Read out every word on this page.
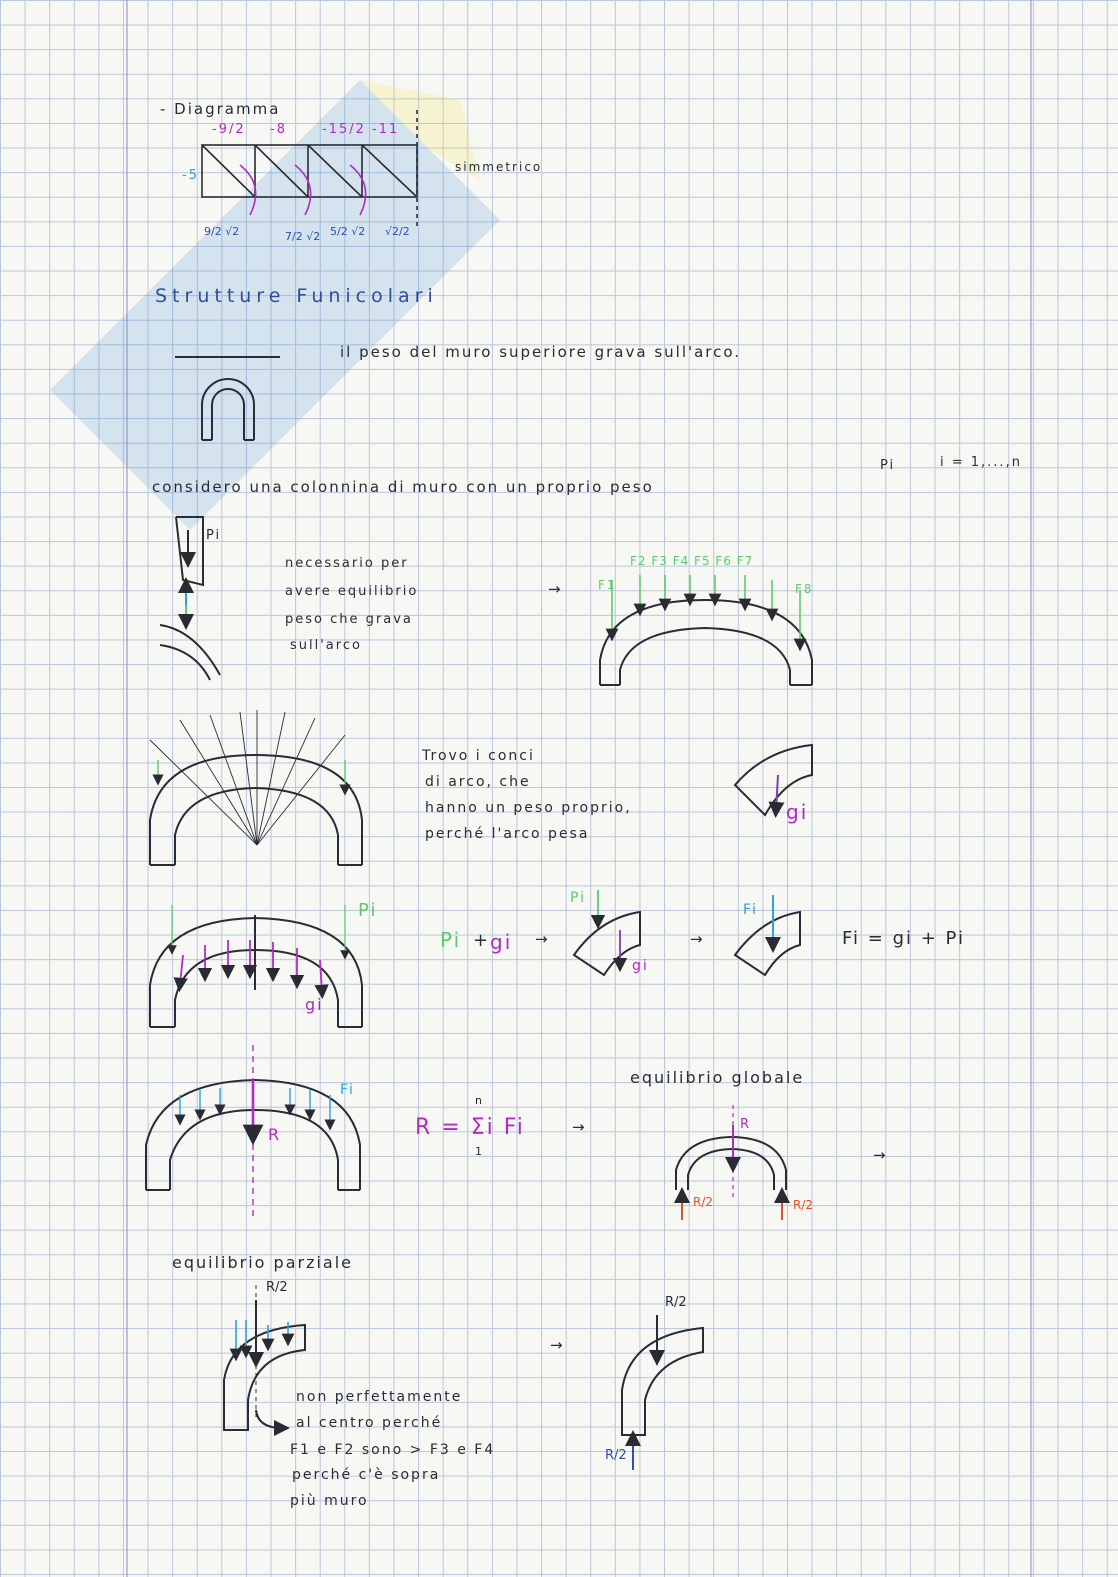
- Diagramma
-9/2 -8	-15/2 -11
-5
simmetrico
9/2 √2	7/2 √2 5/2 √2 √2/2
Strutture Funicolari
il peso del muro superiore grava sull'arco.
considero una colonnina di muro con un proprio peso
Pi	i = 1,...,n
Pi
necessario per
avere equilibrio
peso che grava
sull'arco
→
F2 F3 F4 F5 F6 F7
F1	F8
Trovo i conci
di arco, che
hanno un peso proprio,
perché l'arco pesa
gi
Pi
gi
Pi + gi →
Pi
gi
→
Fi
Fi = gi + Pi
Fi
R	R = Σi Fi
n
1
→
equilibrio globale
R
R/2	R/2
→
equilibrio parziale
R/2
→
R/2
R/2
non perfettamente
al centro perché
F1 e F2 sono > F3 e F4
perché c'è sopra
più muro
